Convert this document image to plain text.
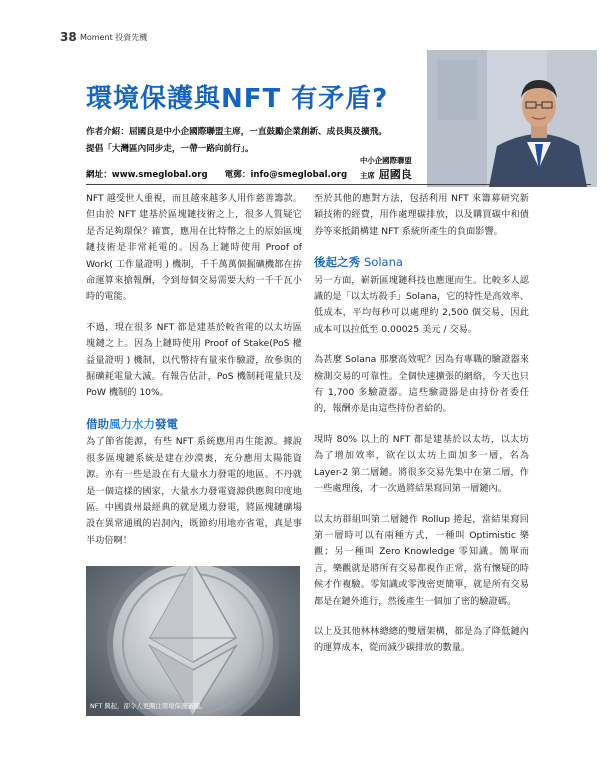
38 Moment 投資先機
環境保護與NFT 有矛盾?
作者介紹：屈國良是中小企國際聯盟主席，一直鼓勵企業創新、成長與及擴飛。
提倡「大灣區內同步走，一帶一路向前行」。
網址：www.smeglobal.org 電郵：info@smeglobal.org
中小企國際聯盟
主席 屈國良

NFT 越受世人重視，而且越來越多人用作慈善籌款。但由於 NFT 建基於區塊鏈技術之上，很多人質疑它是否足夠環保？確實，應用在比特幣之上的原始區塊鏈技術是非常耗電的。因為上鏈時使用 Proof of Work( 工作量證明 ) 機制，千千萬萬個掘礦機都在拚命運算來搶報酬，令到每個交易需要大約一千千瓦小時的電能。

不過，現在很多 NFT 都是建基於較省電的以太坊區塊鏈之上。因為上鏈時使用 Proof of Stake(PoS 權益量證明 ) 機制，以代幣持有量來作驗證，故參與的掘礦耗電量大減。有報告估計，PoS 機制耗電量只及 PoW 機制的 10%。

借助風力水力發電

為了節省能源，有些 NFT 系統應用再生能源。據說很多區塊鏈系統是建在沙漠裏，充分應用太陽能資源。亦有一些是設在有大量水力發電的地區。不丹就是一個這樣的國家，大量水力發電資源供應與印度地區。中國貴州最經典的就是風力發電，將區塊鏈礦場設在異常通風的岩洞內，既節約用地亦省電，真是事半功倍啊！

NFT 興起，卻令人更關注環境保護議題。

至於其他的應對方法，包括利用 NFT 來籌募研究新穎技術的經費，用作處理碳排放，以及購買碳中和債券等來抵銷構建 NFT 系統所產生的負面影響。

後起之秀 Solana

另一方面，嶄新區塊鏈科技也應運而生。比較多人認識的是「以太坊殺手」Solana，它的特性是高效率、低成本，平均每秒可以處理約 2,500 個交易，因此成本可以拉低至 0.00025 美元 / 交易。

為甚麼 Solana 那麼高效呢？因為有專職的驗證器來檢測交易的可靠性。全個快速擴張的網絡，今天也只有 1,700 多驗證器。這些驗證器是由持份者委任的，報酬亦是由這些持份者給的。

現時 80% 以上的 NFT 都是建基於以太坊，以太坊為了增加效率，欲在以太坊上面加多一層，名為 Layer-2 第二層鏈。將很多交易先集中在第二層，作一些處理後，才一次過將結果寫回第一層鏈內。

以太坊群組叫第二層鏈作 Rollup 捲起，當結果寫回第一層時可以有兩種方式，一種叫 Optimistic 樂觀；另一種叫 Zero Knowledge 零知識。簡單而言，樂觀就是將所有交易都視作正常，當有懷疑的時候才作複驗。零知識或零洩密更簡單，就是所有交易都是在鏈外進行，然後產生一個加了密的驗證碼。

以上及其他林林總總的雙層架構，都是為了降低鏈內的運算成本，從而減少碳排放的數量。
